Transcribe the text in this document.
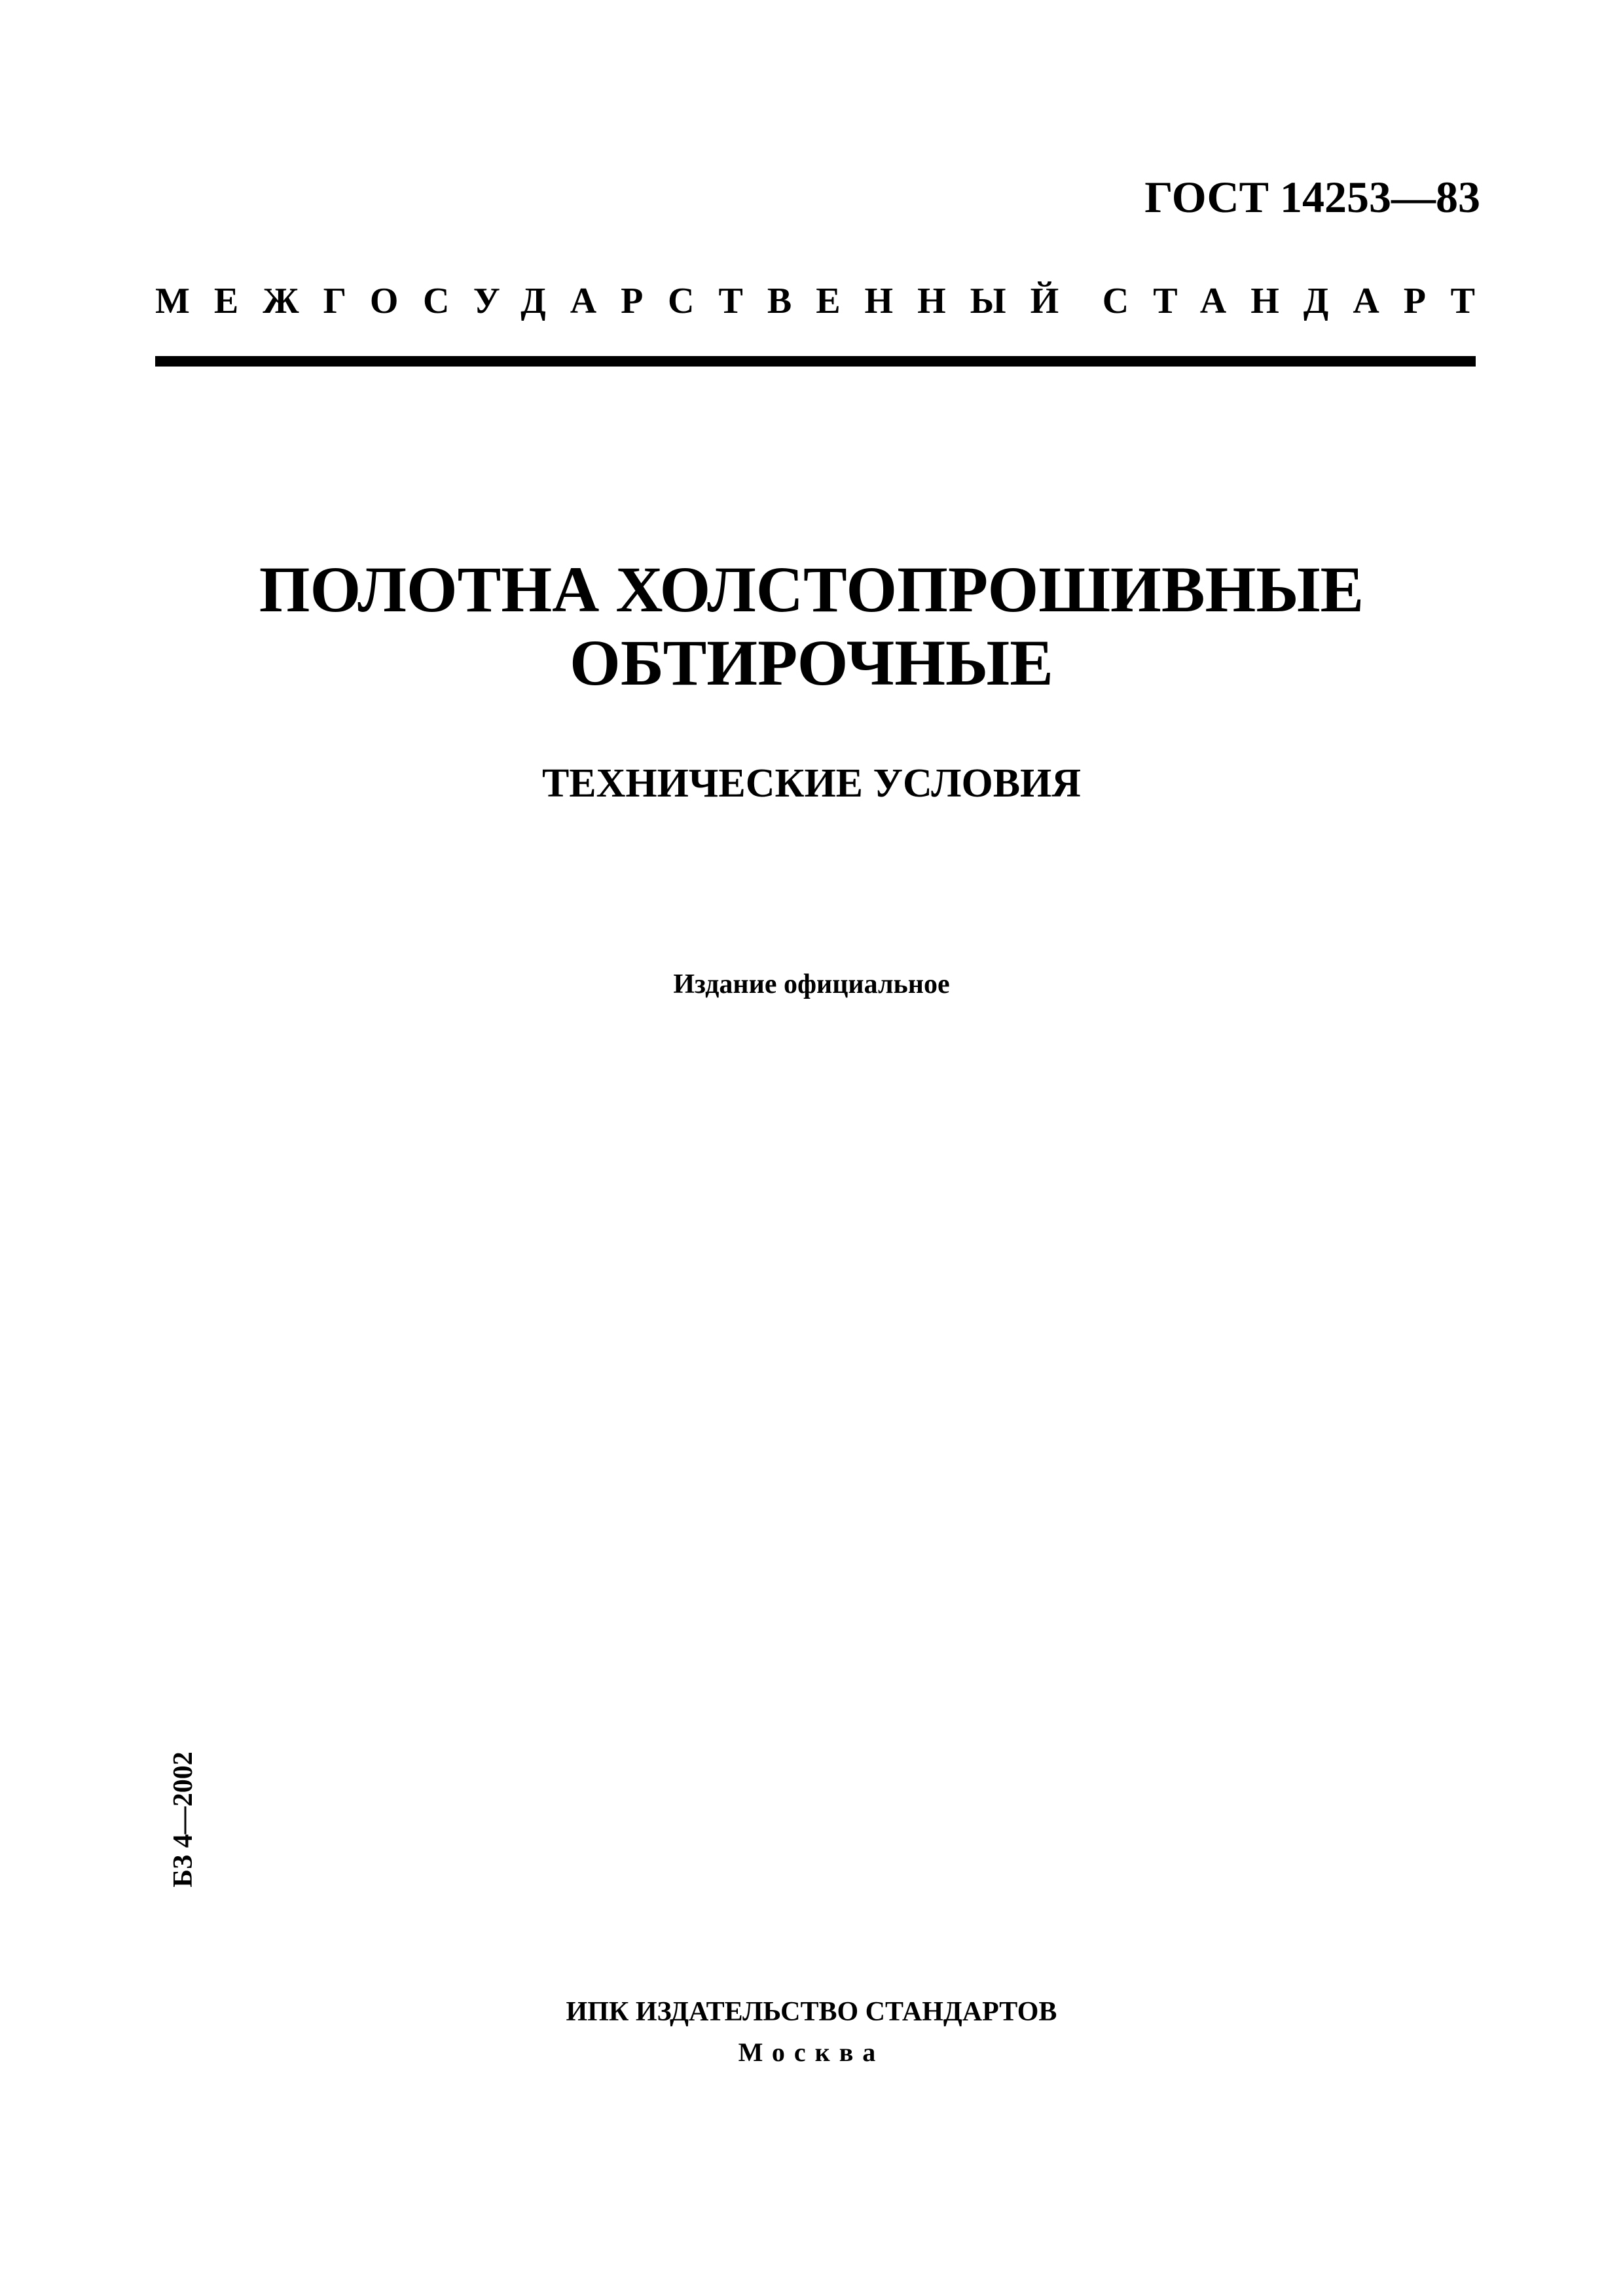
ГОСТ 14253—83
МЕЖГОСУДАРСТВЕННЫЙ СТАНДАРТ
ПОЛОТНА ХОЛСТОПРОШИВНЫЕ
ОБТИРОЧНЫЕ
ТЕХНИЧЕСКИЕ УСЛОВИЯ
Издание официальное
БЗ 4—2002
ИПК ИЗДАТЕЛЬСТВО СТАНДАРТОВ
Москва
